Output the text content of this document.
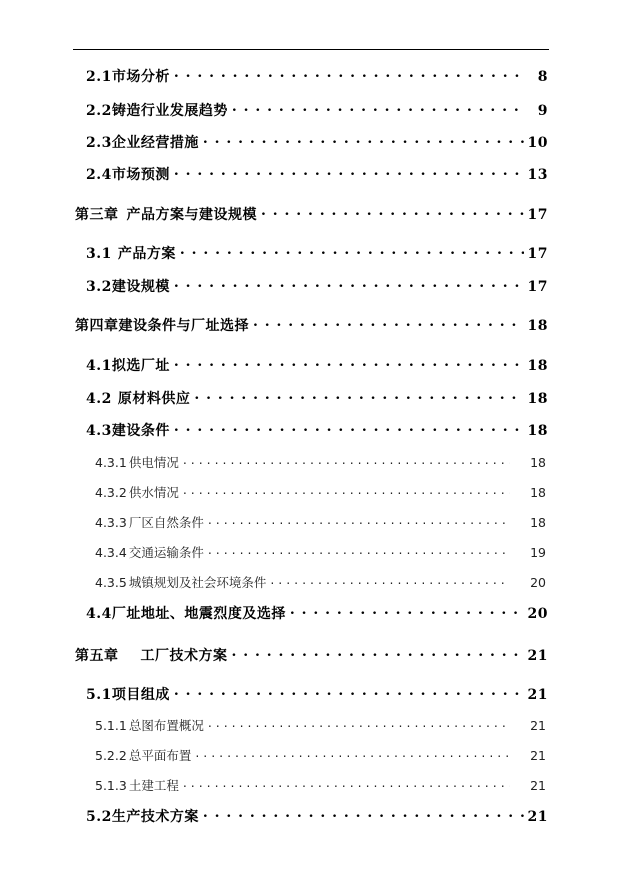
2.1 市场分析 . . .	8
2.2 铸造行业发展趋势 . . .	9
2.3 企业经营措施 . . .	10
2.4 市场预测 . . .	13
第三章 产品方案与建设规模 . . .	17
3.1 产品方案 . . .	17
3.2 建设规模 . . .	17
第四章 建设条件与厂址选择 . . .	18
4.1 拟选厂址 . . .	18
4.2 原材料供应 . . .	18
4.3 建设条件 . . .	18
4.3.1 供电情况 . . .	18
4.3.2 供水情况 . . .	18
4.3.3 厂区自然条件 . . .	18
4.3.4 交通运输条件 . . .	19
4.3.5 城镇规划及社会环境条件 . . .	20
4.4 厂址地址、地震烈度及选择 . . .	20
第五章 工厂技术方案 . . .	21
5.1 项目组成 . . .	21
5.1.1 总图布置概况 . . .	21
5.2.2 总平面布置 . . .	21
5.1.3 土建工程 . . .	21
5.2 生产技术方案 . . .	21
